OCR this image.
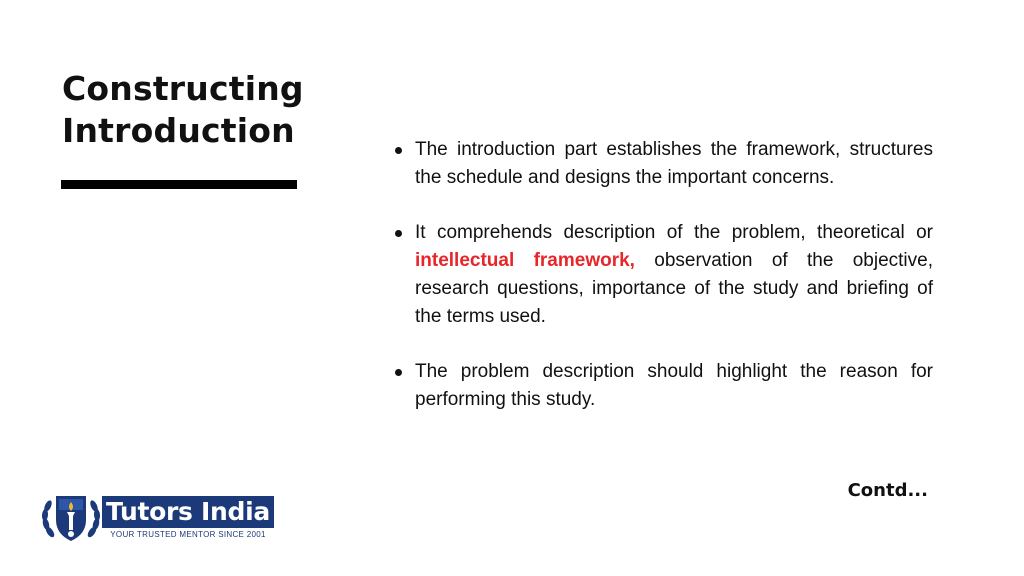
Constructing
Introduction	The introduction part establishes the framework, structures the schedule and designs the important concerns.
It comprehends description of the problem, theoretical or intellectual framework, observation of the objective, research questions, importance of the study and briefing of the terms used.
The problem description should highlight the reason for performing this study.
Contd...
Tutors India
YOUR TRUSTED MENTOR SINCE 2001
